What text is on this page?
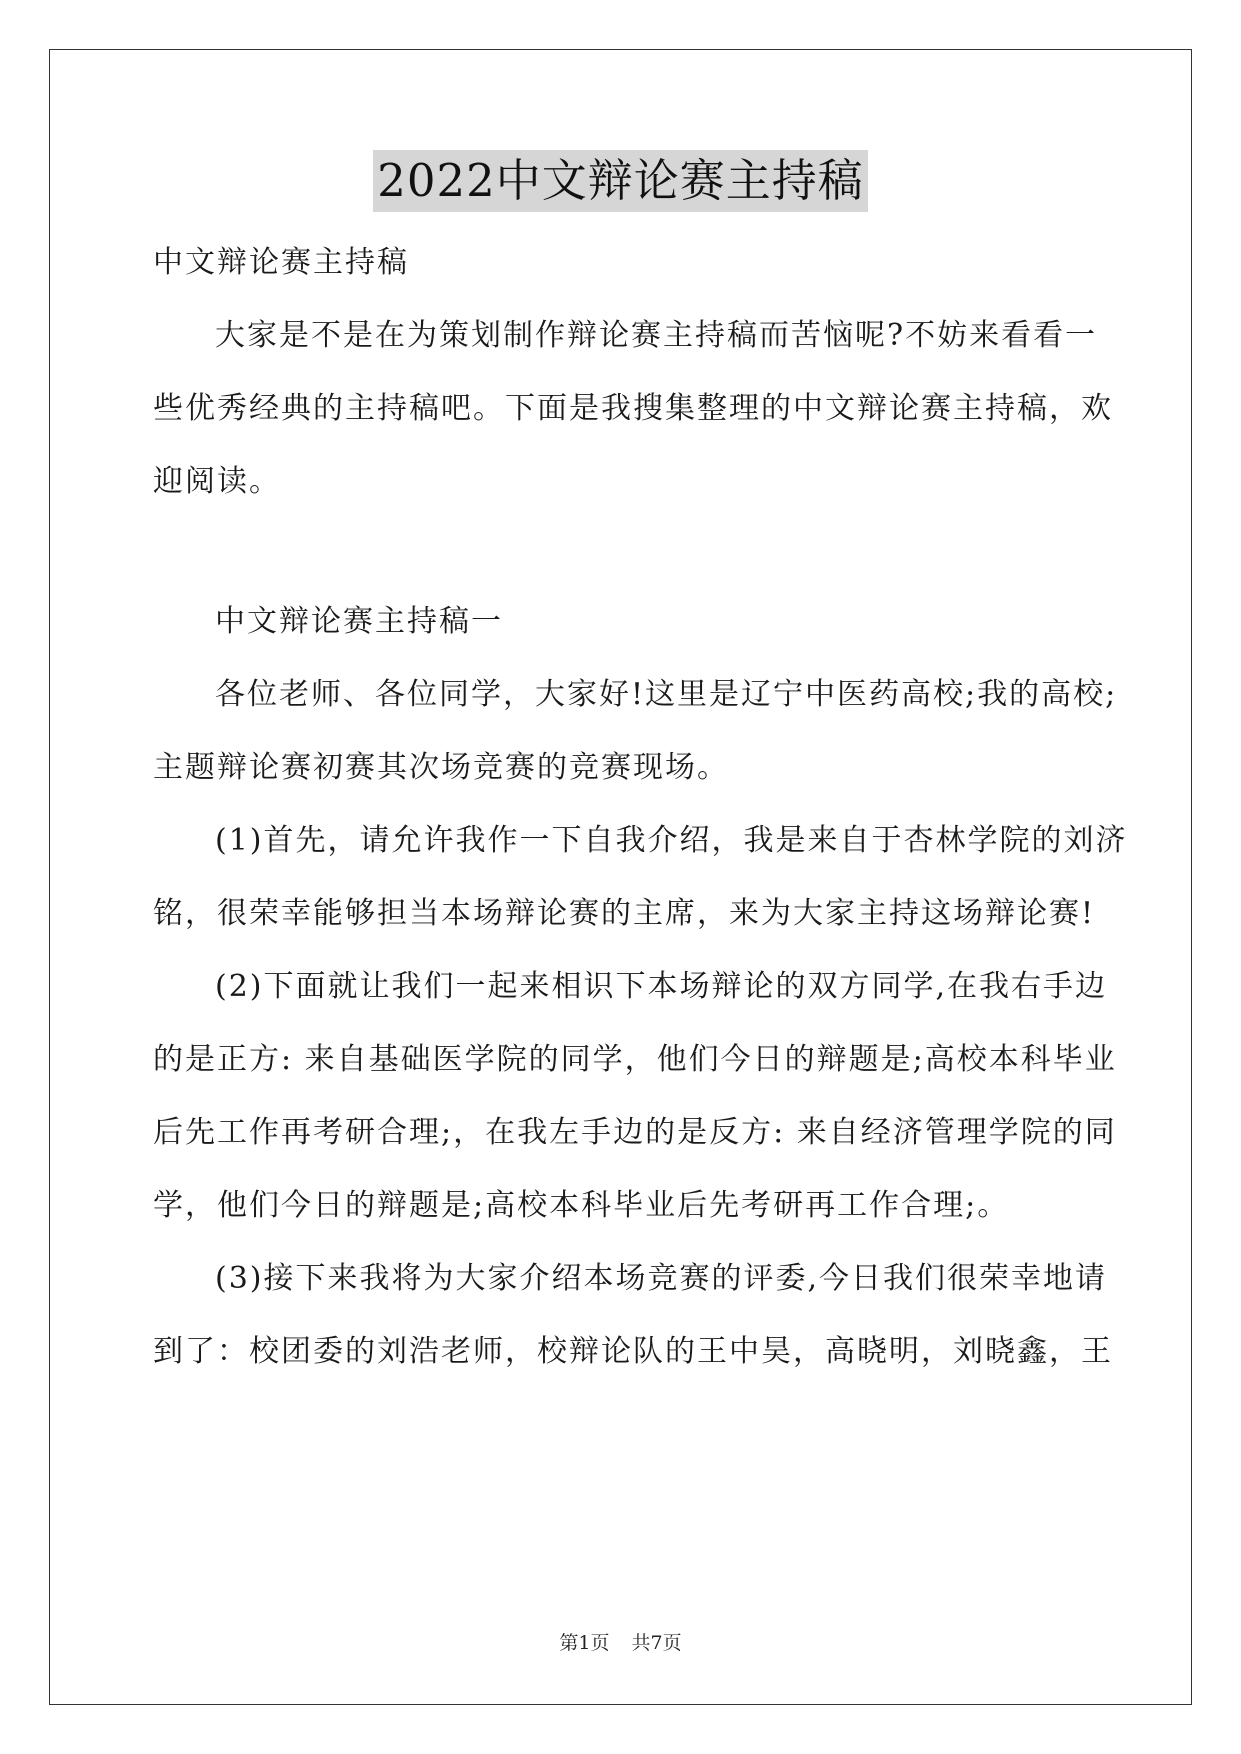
2022中文辩论赛主持稿
中文辩论赛主持稿
大家是不是在为策划制作辩论赛主持稿而苦恼呢?不妨来看看一
些优秀经典的主持稿吧。下面是我搜集整理的中文辩论赛主持稿，欢
迎阅读。
中文辩论赛主持稿一
各位老师、各位同学，大家好!这里是辽宁中医药高校;我的高校;
主题辩论赛初赛其次场竞赛的竞赛现场。
(1)首先，请允许我作一下自我介绍，我是来自于杏林学院的刘济
铭，很荣幸能够担当本场辩论赛的主席，来为大家主持这场辩论赛!
(2)下面就让我们一起来相识下本场辩论的双方同学,在我右手边
的是正方: 来自基础医学院的同学，他们今日的辩题是;高校本科毕业
后先工作再考研合理;，在我左手边的是反方: 来自经济管理学院的同
学，他们今日的辩题是;高校本科毕业后先考研再工作合理;。
(3)接下来我将为大家介绍本场竞赛的评委,今日我们很荣幸地请
到了：校团委的刘浩老师，校辩论队的王中昊，高晓明，刘晓鑫，王
第1页 共7页
